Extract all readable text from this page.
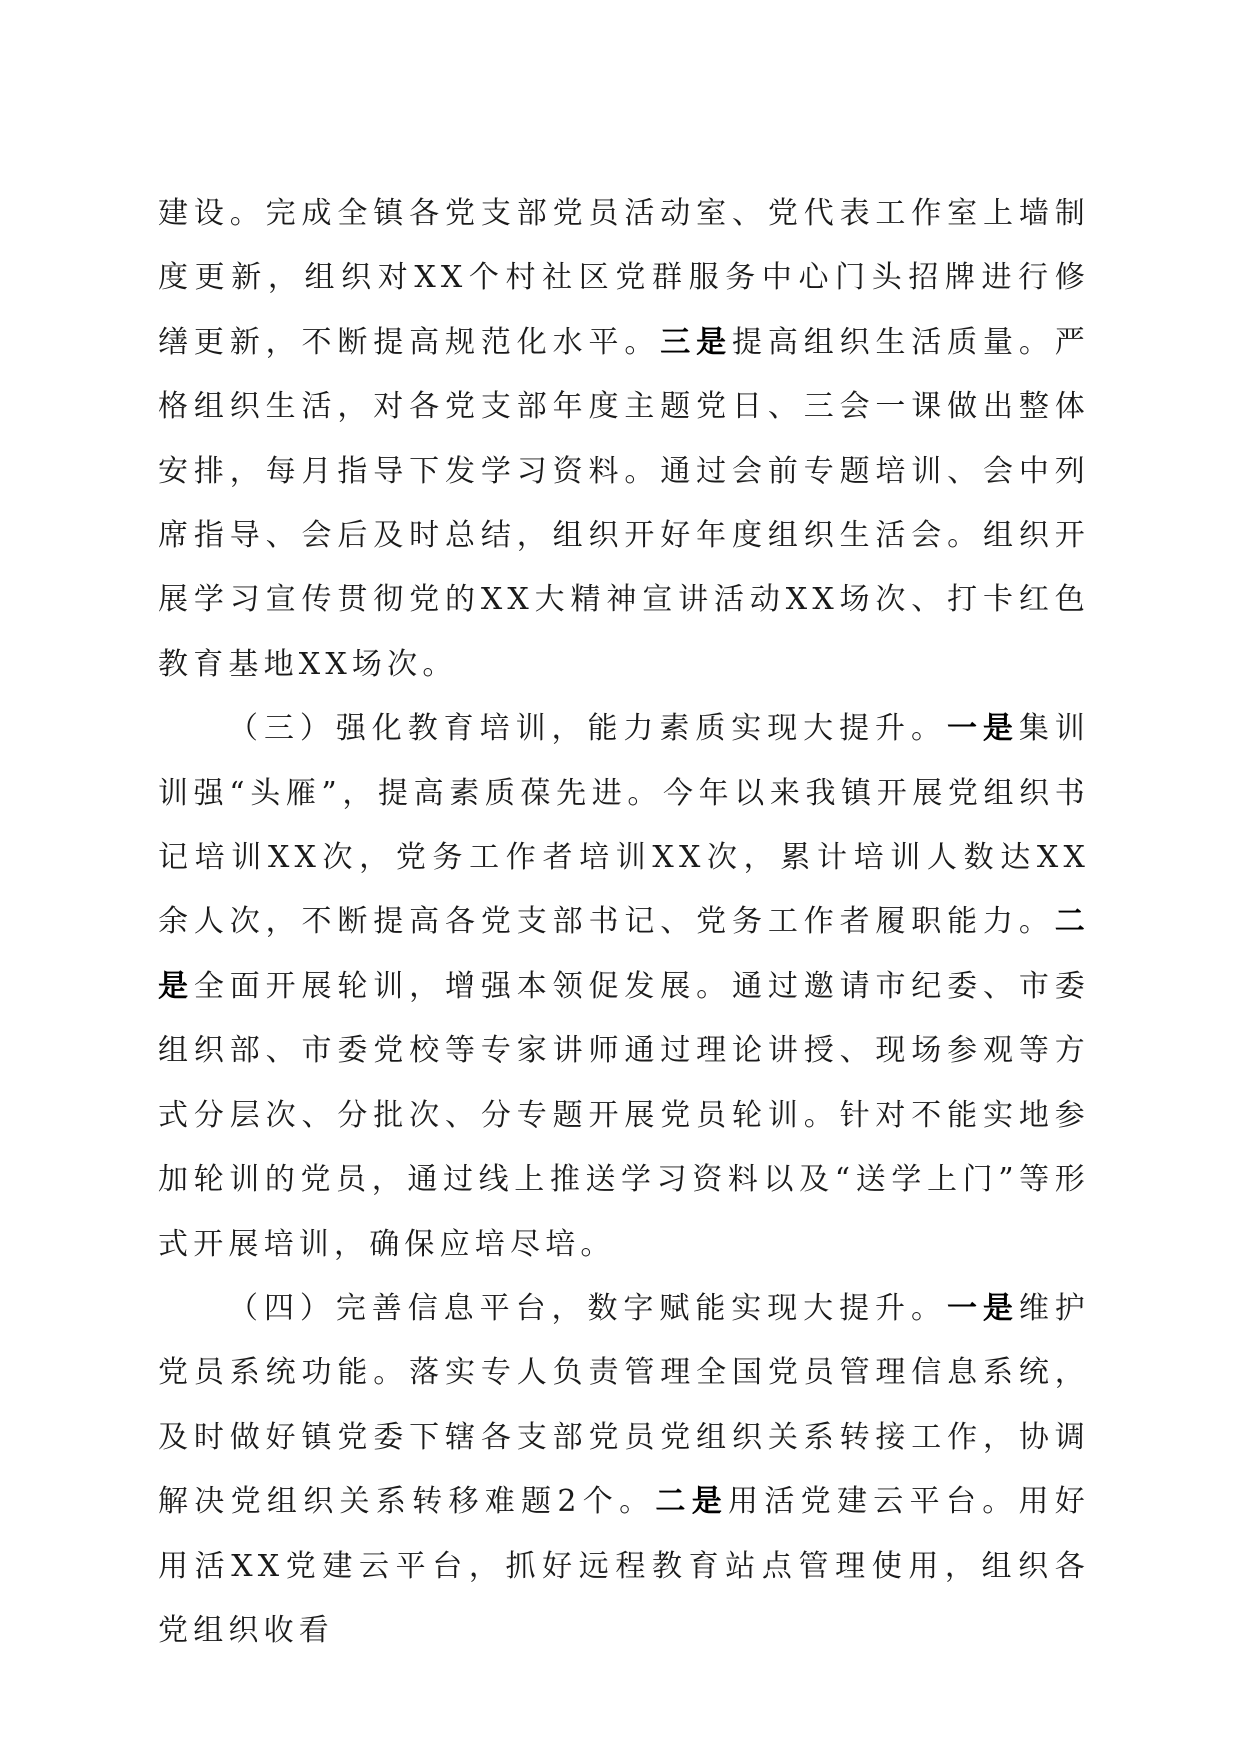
建设。完成全镇各党支部党员活动室、党代表工作室上墙制度更新，组织对XX个村社区党群服务中心门头招牌进行修缮更新，不断提高规范化水平。三是提高组织生活质量。严格组织生活，对各党支部年度主题党日、三会一课做出整体安排，每月指导下发学习资料。通过会前专题培训、会中列席指导、会后及时总结，组织开好年度组织生活会。组织开展学习宣传贯彻党的XX大精神宣讲活动XX场次、打卡红色教育基地XX场次。

（三）强化教育培训，能力素质实现大提升。一是集训训强“头雁”，提高素质葆先进。今年以来我镇开展党组织书记培训XX次，党务工作者培训XX次，累计培训人数达XX余人次，不断提高各党支部书记、党务工作者履职能力。二是全面开展轮训，增强本领促发展。通过邀请市纪委、市委组织部、市委党校等专家讲师通过理论讲授、现场参观等方式分层次、分批次、分专题开展党员轮训。针对不能实地参加轮训的党员，通过线上推送学习资料以及“送学上门”等形式开展培训，确保应培尽培。

（四）完善信息平台，数字赋能实现大提升。一是维护党员系统功能。落实专人负责管理全国党员管理信息系统，及时做好镇党委下辖各支部党员党组织关系转接工作，协调解决党组织关系转移难题2个。二是用活党建云平台。用好用活XX党建云平台，抓好远程教育站点管理使用，组织各党组织收看
